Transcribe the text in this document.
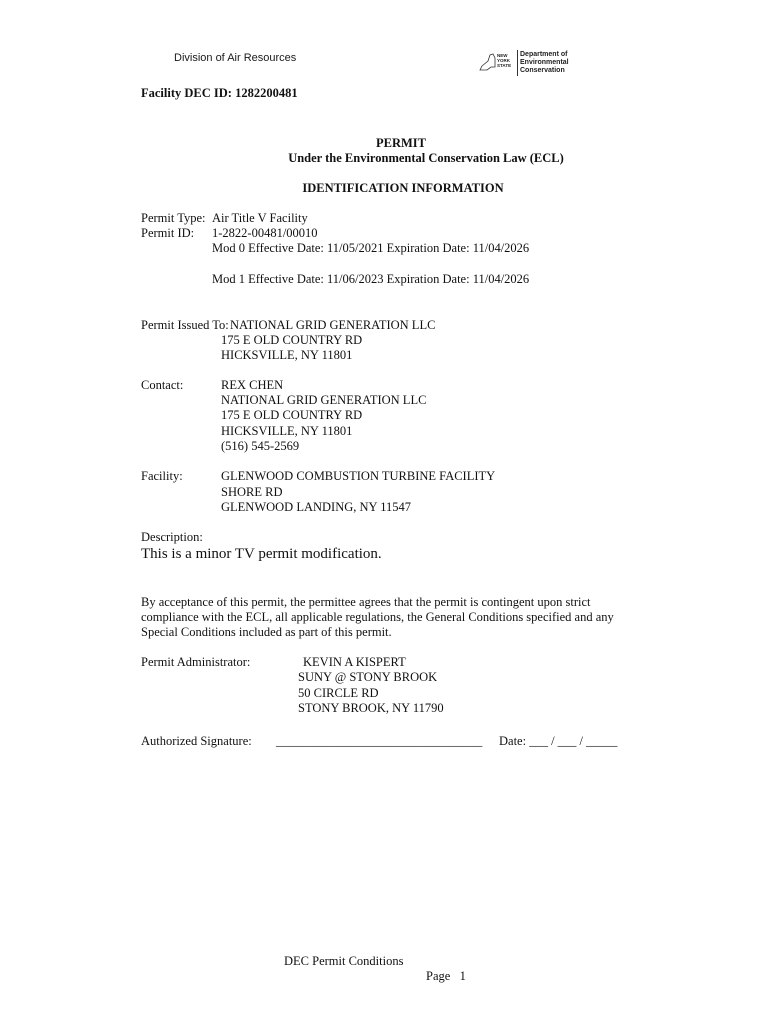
Division of Air Resources	NEW
YORK
STATE
Department of
Environmental
Conservation
Facility DEC ID: 1282200481
PERMIT
Under the Environmental Conservation Law (ECL)
IDENTIFICATION INFORMATION
Permit Type: Air Title V Facility
Permit ID: 1-2822-00481/00010
Mod 0 Effective Date: 11/05/2021 Expiration Date: 11/04/2026
Mod 1 Effective Date: 11/06/2023 Expiration Date: 11/04/2026
Permit Issued To: NATIONAL GRID GENERATION LLC
175 E OLD COUNTRY RD
HICKSVILLE, NY 11801
Contact:	REX CHEN
NATIONAL GRID GENERATION LLC
175 E OLD COUNTRY RD
HICKSVILLE, NY 11801
(516) 545-2569
Facility:	GLENWOOD COMBUSTION TURBINE FACILITY
SHORE RD
GLENWOOD LANDING, NY 11547
Description:
This is a minor TV permit modification.
By acceptance of this permit, the permittee agrees that the permit is contingent upon strict
compliance with the ECL, all applicable regulations, the General Conditions specified and any
Special Conditions included as part of this permit.
Permit Administrator:	KEVIN A KISPERT
SUNY @ STONY BROOK
50 CIRCLE RD
STONY BROOK, NY 11790
Authorized Signature: _________________________________ Date: ___ / ___ / _____
DEC Permit Conditions
Page   1
